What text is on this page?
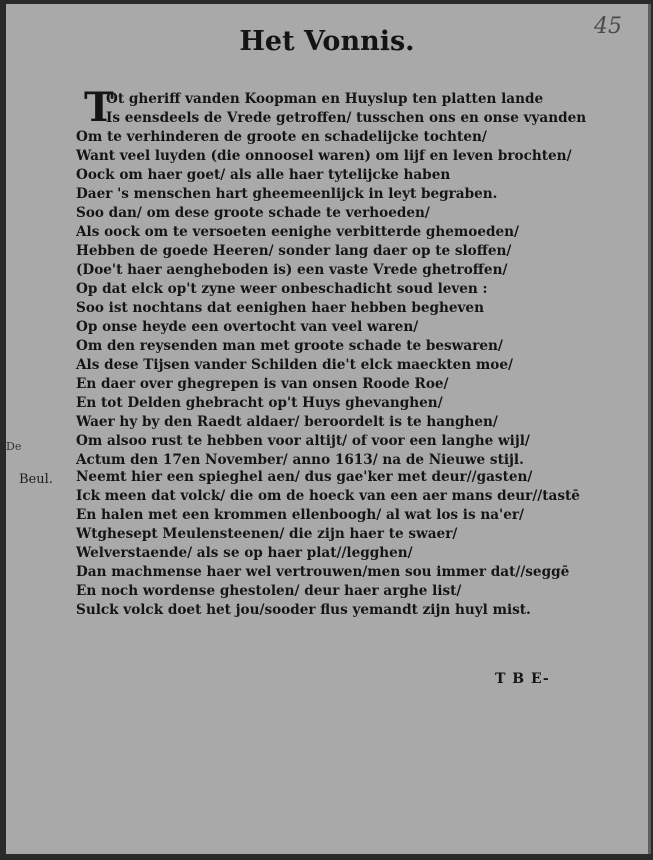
45
Het Vonnis.
De
T
Ot gheriff vanden Koopman en Huyslup ten platten lande
Is eensdeels de Vrede getroffen/ tusschen ons en onse vyanden
Om te verhinderen de groote en schadelijcke tochten/
Want veel luyden (die onnoosel waren) om lijf en leven brochten/
Oock om haer goet/ als alle haer tytelijcke haben
Daer 's menschen hart gheemeenlijck in leyt begraben.
Soo dan/ om dese groote schade te verhoeden/
Als oock om te versoeten eenighe verbitterde ghemoeden/
Hebben de goede Heeren/ sonder lang daer op te sloffen/
(Doe't haer aengheboden is) een vaste Vrede ghetroffen/
Op dat elck op't zyne weer onbeschadicht soud leven :
Soo ist nochtans dat eenighen haer hebben begheven
Op onse heyde een overtocht van veel waren/
Om den reysenden man met groote schade te beswaren/
Als dese Tijsen vander Schilden die't elck maeckten moe/
En daer over ghegrepen is van onsen Roode Roe/
En tot Delden ghebracht op't Huys ghevanghen/
Waer hy by den Raedt aldaer/ beroordelt is te hanghen/
Om alsoo rust te hebben voor altijt/ of voor een langhe wijl/
Actum den 17en November/ anno 1613/ na de Nieuwe stijl.
Beul. Neemt hier een spieghel aen/ dus gae'ker met deur//gasten/
Ick meen dat volck/ die om de hoeck van een aer mans deur//tastē
En halen met een krommen ellenboogh/ al wat los is na'er/
Wtghesept Meulensteenen/ die zijn haer te swaer/
Welverstaende/ als se op haer plat//legghen/
Dan machmense haer wel vertrouwen/men sou immer dat//seggē
En noch wordense ghestolen/ deur haer arghe list/
Sulck volck doet het jou/sooder flus yemandt zijn huyl mist.
T B E-
